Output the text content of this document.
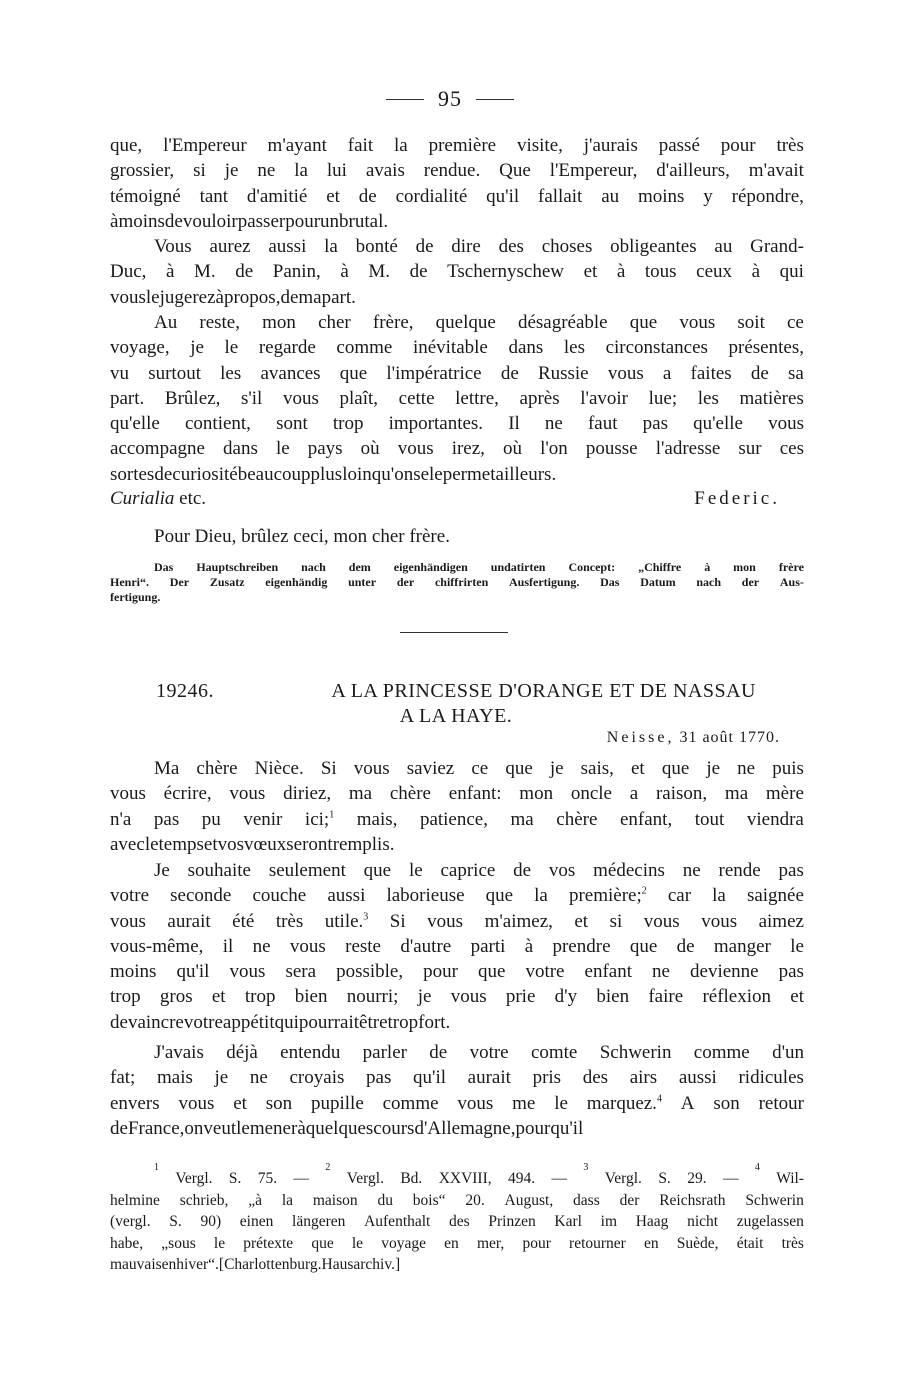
95
que, l'Empereur m'ayant fait la première visite, j'aurais passé pour très
grossier, si je ne la lui avais rendue. Que l'Empereur, d'ailleurs, m'avait
témoigné tant d'amitié et de cordialité qu'il fallait au moins y répondre,
à moins de vouloir passer pour un brutal.
Vous aurez aussi la bonté de dire des choses obligeantes au Grand-
Duc, à M. de Panin, à M. de Tschernyschew et à tous ceux à qui
vous le jugerez à propos, de ma part.
Au reste, mon cher frère, quelque désagréable que vous soit ce
voyage, je le regarde comme inévitable dans les circonstances présentes,
vu surtout les avances que l'impératrice de Russie vous a faites de sa
part. Brûlez, s'il vous plaît, cette lettre, après l'avoir lue; les matières
qu'elle contient, sont trop importantes. Il ne faut pas qu'elle vous
accompagne dans le pays où vous irez, où l'on pousse l'adresse sur ces
sortes de curiosité beaucoup plus loin qu'on se le permet ailleurs.
Curialia etc.	Federic.
Pour Dieu, brûlez ceci, mon cher frère.
Das Hauptschreiben nach dem eigenhändigen undatirten Concept: „Chiffre à mon frère
Henri“. Der Zusatz eigenhändig unter der chiffrirten Ausfertigung. Das Datum nach der Aus-
fertigung.
19246.	A LA PRINCESSE D'ORANGE ET DE NASSAU
A LA HAYE.
Neisse, 31 août 1770.
Ma chère Nièce. Si vous saviez ce que je sais, et que je ne puis
vous écrire, vous diriez, ma chère enfant: mon oncle a raison, ma mère
n'a pas pu venir ici;$^1$ mais, patience, ma chère enfant, tout viendra
avec le temps et vos vœux seront remplis.
Je souhaite seulement que le caprice de vos médecins ne rende pas
votre seconde couche aussi laborieuse que la première;$^2$ car la saignée
vous aurait été très utile.$^3$ Si vous m'aimez, et si vous vous aimez
vous-même, il ne vous reste d'autre parti à prendre que de manger le
moins qu'il vous sera possible, pour que votre enfant ne devienne pas
trop gros et trop bien nourri; je vous prie d'y bien faire réflexion et
de vaincre votre appétit qui pourrait être trop fort.
J'avais déjà entendu parler de votre comte Schwerin comme d'un
fat; mais je ne croyais pas qu'il aurait pris des airs aussi ridicules
envers vous et son pupille comme vous me le marquez.$^4$ A son retour
de France, on veut le mener à quelques cours d'Allemagne, pour qu'il
1
Vergl. S. 75. —
2
Vergl. Bd. XXVIII, 494. —
3
Vergl. S. 29. —
4
Wil-
helmine schrieb, „à la maison du bois“ 20. August, dass der Reichsrath Schwerin
(vergl. S. 90) einen längeren Aufenthalt des Prinzen Karl im Haag nicht zugelassen
habe, „sous le prétexte que le voyage en mer, pour retourner en Suède, était très
mauvais en hiver“. [Charlottenburg. Hausarchiv.]
